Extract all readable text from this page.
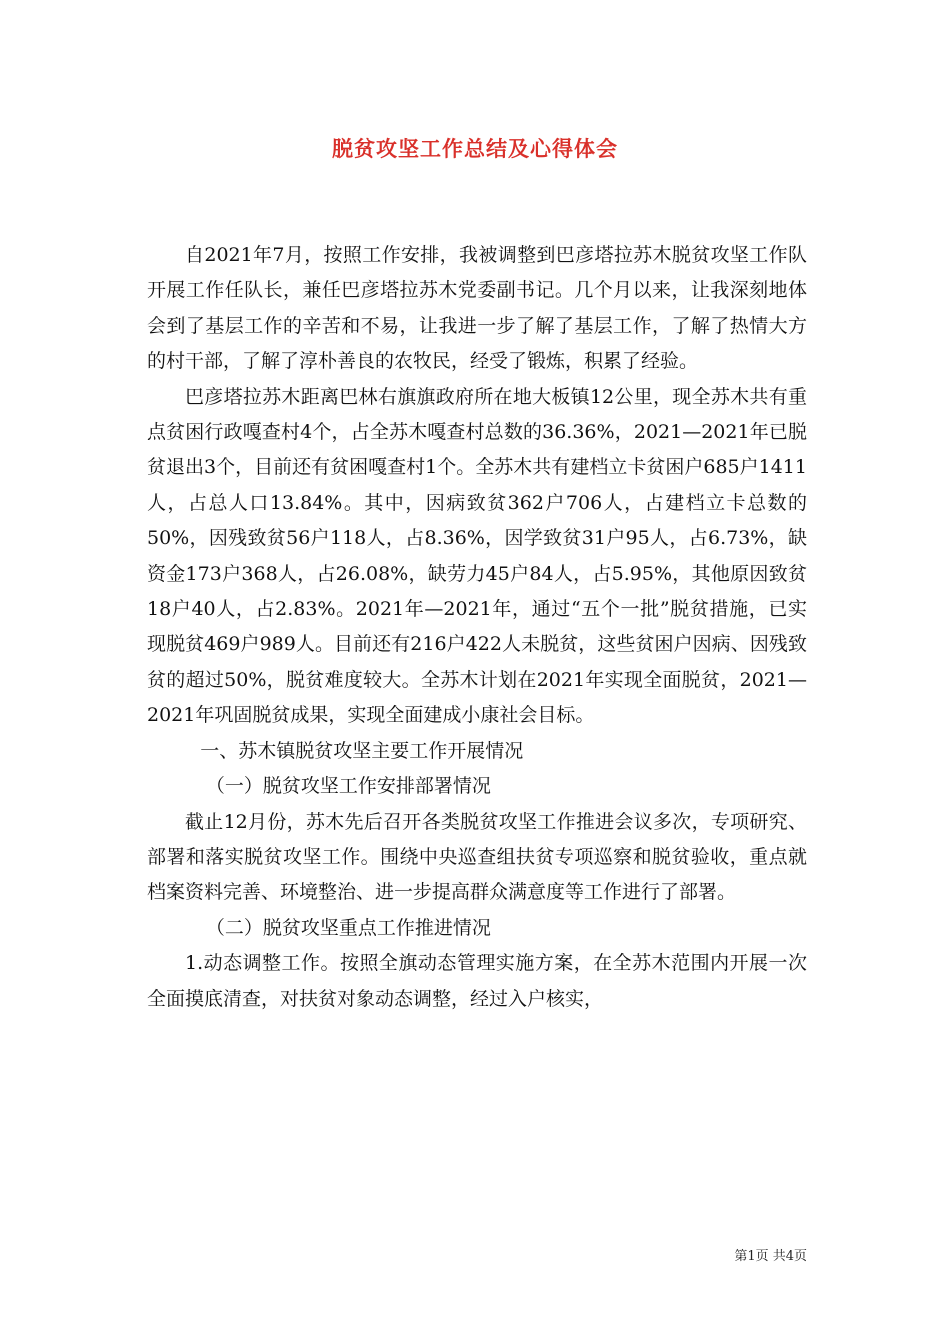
脱贫攻坚工作总结及心得体会

自2021年7月，按照工作安排，我被调整到巴彦塔拉苏木脱贫攻坚工作队开展工作任队长，兼任巴彦塔拉苏木党委副书记。几个月以来，让我深刻地体会到了基层工作的辛苦和不易，让我进一步了解了基层工作，了解了热情大方的村干部，了解了淳朴善良的农牧民，经受了锻炼，积累了经验。

巴彦塔拉苏木距离巴林右旗旗政府所在地大板镇12公里，现全苏木共有重点贫困行政嘎查村4个，占全苏木嘎查村总数的36.36%，2021—2021年已脱贫退出3个，目前还有贫困嘎查村1个。全苏木共有建档立卡贫困户685户1411人，占总人口13.84%。其中，因病致贫362户706人，占建档立卡总数的50%，因残致贫56户118人，占8.36%，因学致贫31户95人，占6.73%，缺资金173户368人，占26.08%，缺劳力45户84人，占5.95%，其他原因致贫18户40人，占2.83%。2021年—2021年，通过“五个一批”脱贫措施，已实现脱贫469户989人。目前还有216户422人未脱贫，这些贫困户因病、因残致贫的超过50%，脱贫难度较大。全苏木计划在2021年实现全面脱贫，2021—2021年巩固脱贫成果，实现全面建成小康社会目标。

一、苏木镇脱贫攻坚主要工作开展情况

（一）脱贫攻坚工作安排部署情况

截止12月份，苏木先后召开各类脱贫攻坚工作推进会议多次，专项研究、部署和落实脱贫攻坚工作。围绕中央巡查组扶贫专项巡察和脱贫验收，重点就档案资料完善、环境整治、进一步提高群众满意度等工作进行了部署。

（二）脱贫攻坚重点工作推进情况

1.动态调整工作。按照全旗动态管理实施方案，在全苏木范围内开展一次全面摸底清查，对扶贫对象动态调整，经过入户核实，

第1页 共4页
